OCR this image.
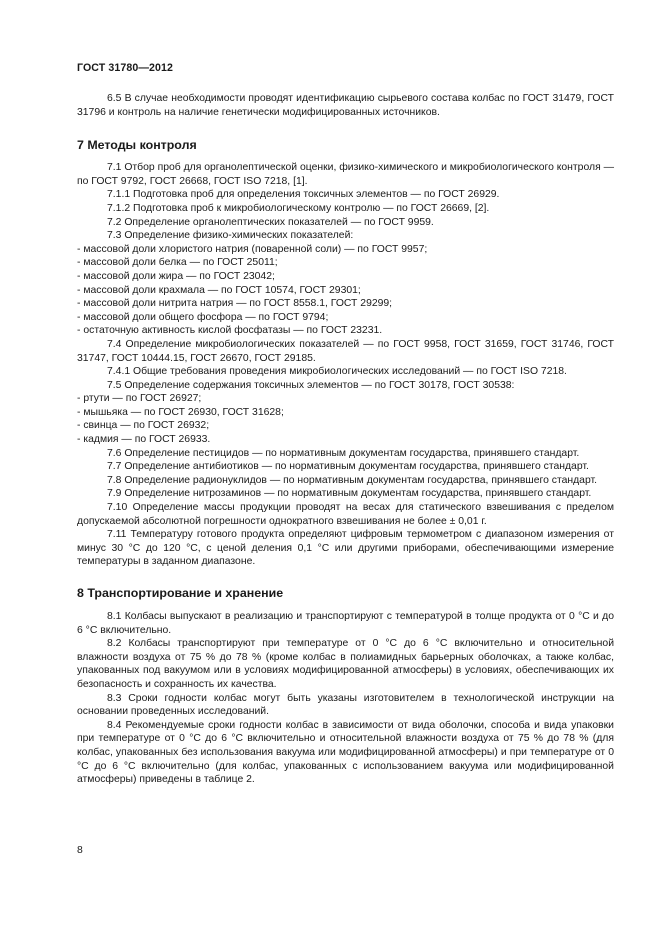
ГОСТ 31780—2012

6.5 В случае необходимости проводят идентификацию сырьевого состава колбас по ГОСТ 31479, ГОСТ 31796 и контроль на наличие генетически модифицированных источников.

7 Методы контроля

7.1 Отбор проб для органолептической оценки, физико-химического и микробиологического контроля — по ГОСТ 9792, ГОСТ 26668, ГОСТ ISO 7218, [1].

7.1.1 Подготовка проб для определения токсичных элементов — по ГОСТ 26929.

7.1.2 Подготовка проб к микробиологическому контролю — по ГОСТ 26669, [2].

7.2 Определение органолептических показателей — по ГОСТ 9959.

7.3 Определение физико-химических показателей:

- массовой доли хлористого натрия (поваренной соли) — по ГОСТ 9957;

- массовой доли белка — по ГОСТ 25011;

- массовой доли жира — по ГОСТ 23042;

- массовой доли крахмала — по ГОСТ 10574, ГОСТ 29301;

- массовой доли нитрита натрия — по ГОСТ 8558.1, ГОСТ 29299;

- массовой доли общего фосфора — по ГОСТ 9794;

- остаточную активность кислой фосфатазы — по ГОСТ 23231.

7.4 Определение микробиологических показателей — по ГОСТ 9958, ГОСТ 31659, ГОСТ 31746, ГОСТ 31747, ГОСТ 10444.15, ГОСТ 26670, ГОСТ 29185.

7.4.1 Общие требования проведения микробиологических исследований — по ГОСТ ISO 7218.

7.5 Определение содержания токсичных элементов — по ГОСТ 30178, ГОСТ 30538:

- ртути — по ГОСТ 26927;

- мышьяка — по ГОСТ 26930, ГОСТ 31628;

- свинца — по ГОСТ 26932;

- кадмия — по ГОСТ 26933.

7.6 Определение пестицидов — по нормативным документам государства, принявшего стандарт.

7.7 Определение антибиотиков — по нормативным документам государства, принявшего стандарт.

7.8 Определение радионуклидов — по нормативным документам государства, принявшего стандарт.

7.9 Определение нитрозаминов — по нормативным документам государства, принявшего стандарт.

7.10 Определение массы продукции проводят на весах для статического взвешивания с пределом допускаемой абсолютной погрешности однократного взвешивания не более ± 0,01 г.

7.11 Температуру готового продукта определяют цифровым термометром с диапазоном измерения от минус 30 °С до 120 °С, с ценой деления 0,1 °С или другими приборами, обеспечивающими измерение температуры в заданном диапазоне.

8 Транспортирование и хранение

8.1 Колбасы выпускают в реализацию и транспортируют с температурой в толще продукта от 0 °С и до 6 °С включительно.

8.2 Колбасы транспортируют при температуре от 0 °С до 6 °С включительно и относительной влажности воздуха от 75 % до 78 % (кроме колбас в полиамидных барьерных оболочках, а также колбас, упакованных под вакуумом или в условиях модифицированной атмосферы) в условиях, обеспечивающих их безопасность и сохранность их качества.

8.3 Сроки годности колбас могут быть указаны изготовителем в технологической инструкции на основании проведенных исследований.

8.4 Рекомендуемые сроки годности колбас в зависимости от вида оболочки, способа и вида упаковки при температуре от 0 °С до 6 °С включительно и относительной влажности воздуха от 75 % до 78 % (для колбас, упакованных без использования вакуума или модифицированной атмосферы) и при температуре от 0 °С до 6 °С включительно (для колбас, упакованных с использованием вакуума или модифицированной атмосферы) приведены в таблице 2.

8
